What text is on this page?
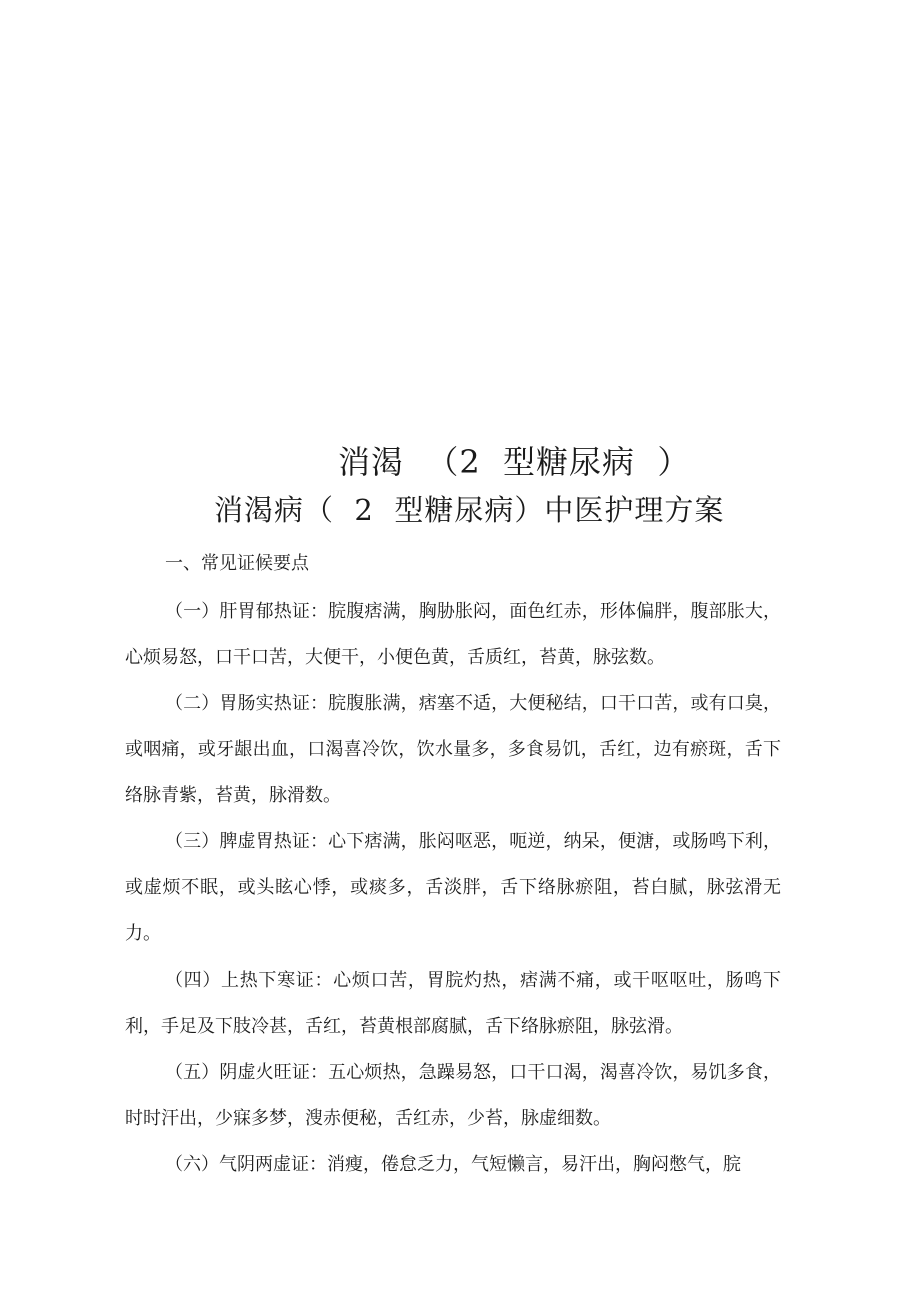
消渴  （2  型糖尿病  ）
消渴病（  2  型糖尿病）中医护理方案
一、常见证候要点

（一）肝胃郁热证：脘腹痞满，胸胁胀闷，面色红赤，形体偏胖，腹部胀大，心烦易怒，口干口苦，大便干，小便色黄，舌质红，苔黄，脉弦数。

（二）胃肠实热证：脘腹胀满，痞塞不适，大便秘结，口干口苦，或有口臭，或咽痛，或牙龈出血，口渴喜冷饮，饮水量多，多食易饥，舌红，边有瘀斑，舌下络脉青紫，苔黄，脉滑数。

（三）脾虚胃热证：心下痞满，胀闷呕恶，呃逆，纳呆，便溏，或肠鸣下利，或虚烦不眠，或头眩心悸，或痰多，舌淡胖，舌下络脉瘀阻，苔白腻，脉弦滑无力。

（四）上热下寒证：心烦口苦，胃脘灼热，痞满不痛，或干呕呕吐，肠鸣下利，手足及下肢冷甚，舌红，苔黄根部腐腻，舌下络脉瘀阻，脉弦滑。

（五）阴虚火旺证：五心烦热，急躁易怒，口干口渴，渴喜冷饮，易饥多食，时时汗出，少寐多梦，溲赤便秘，舌红赤，少苔，脉虚细数。

（六）气阴两虚证：消瘦，倦怠乏力，气短懒言，易汗出，胸闷憋气，脘
